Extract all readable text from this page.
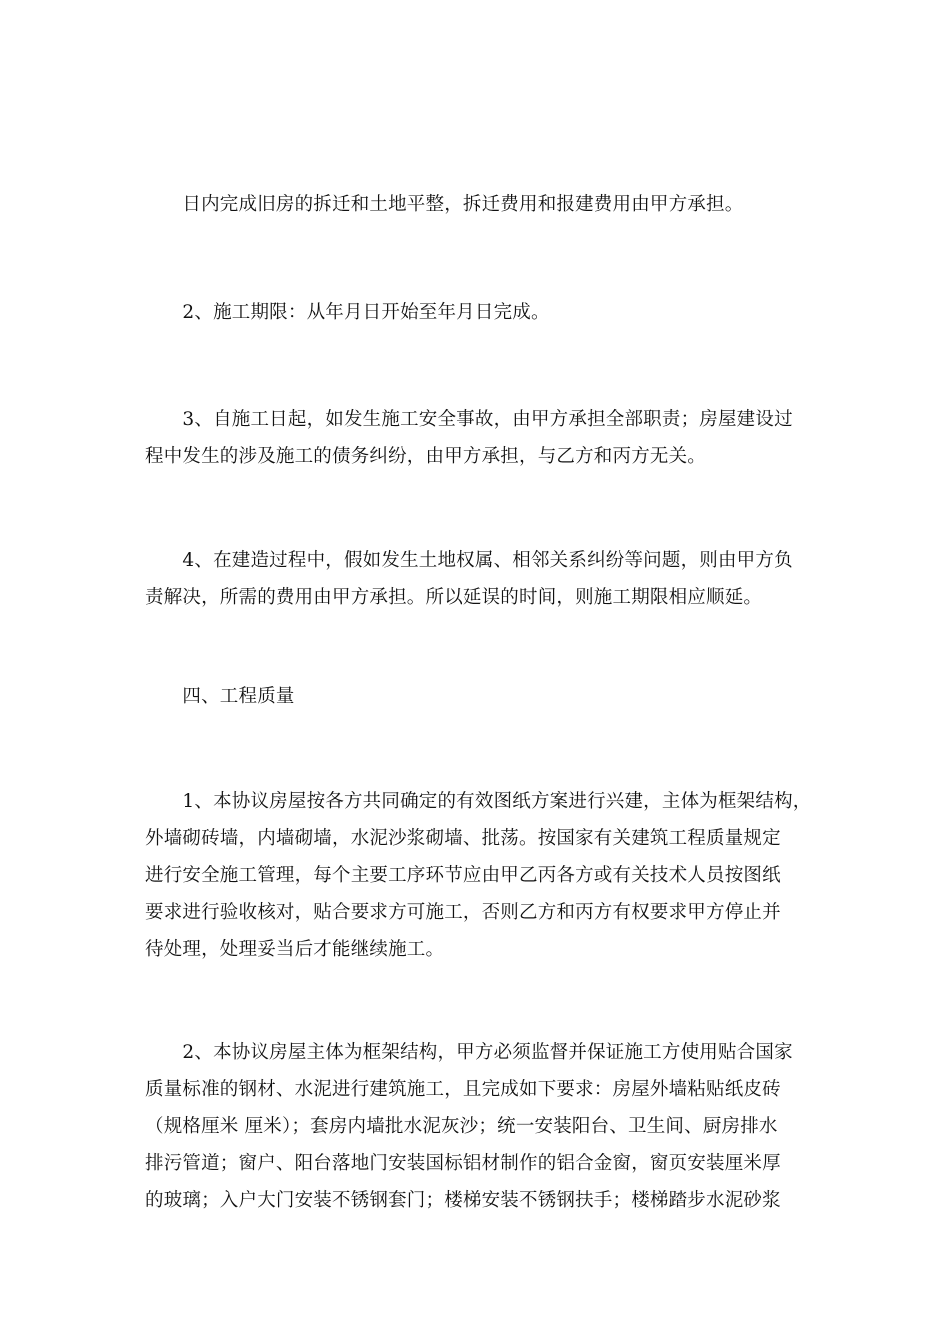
　　日内完成旧房的拆迁和土地平整，拆迁费用和报建费用由甲方承担。

　　2、施工期限：从年月日开始至年月日完成。

　　3、自施工日起，如发生施工安全事故，由甲方承担全部职责；房屋建设过
程中发生的涉及施工的债务纠纷，由甲方承担，与乙方和丙方无关。

　　4、在建造过程中，假如发生土地权属、相邻关系纠纷等问题，则由甲方负
责解决，所需的费用由甲方承担。所以延误的时间，则施工期限相应顺延。

　　四、工程质量

　　1、本协议房屋按各方共同确定的有效图纸方案进行兴建，主体为框架结构，
外墙砌砖墙，内墙砌墙，水泥沙浆砌墙、批荡。按国家有关建筑工程质量规定
进行安全施工管理，每个主要工序环节应由甲乙丙各方或有关技术人员按图纸
要求进行验收核对，贴合要求方可施工，否则乙方和丙方有权要求甲方停止并
待处理，处理妥当后才能继续施工。

　　2、本协议房屋主体为框架结构，甲方必须监督并保证施工方使用贴合国家
质量标准的钢材、水泥进行建筑施工，且完成如下要求：房屋外墙粘贴纸皮砖
（规格厘米 厘米）；套房内墙批水泥灰沙；统一安装阳台、卫生间、厨房排水
排污管道；窗户、阳台落地门安装国标铝材制作的铝合金窗，窗页安装厘米厚
的玻璃；入户大门安装不锈钢套门；楼梯安装不锈钢扶手；楼梯踏步水泥砂浆
